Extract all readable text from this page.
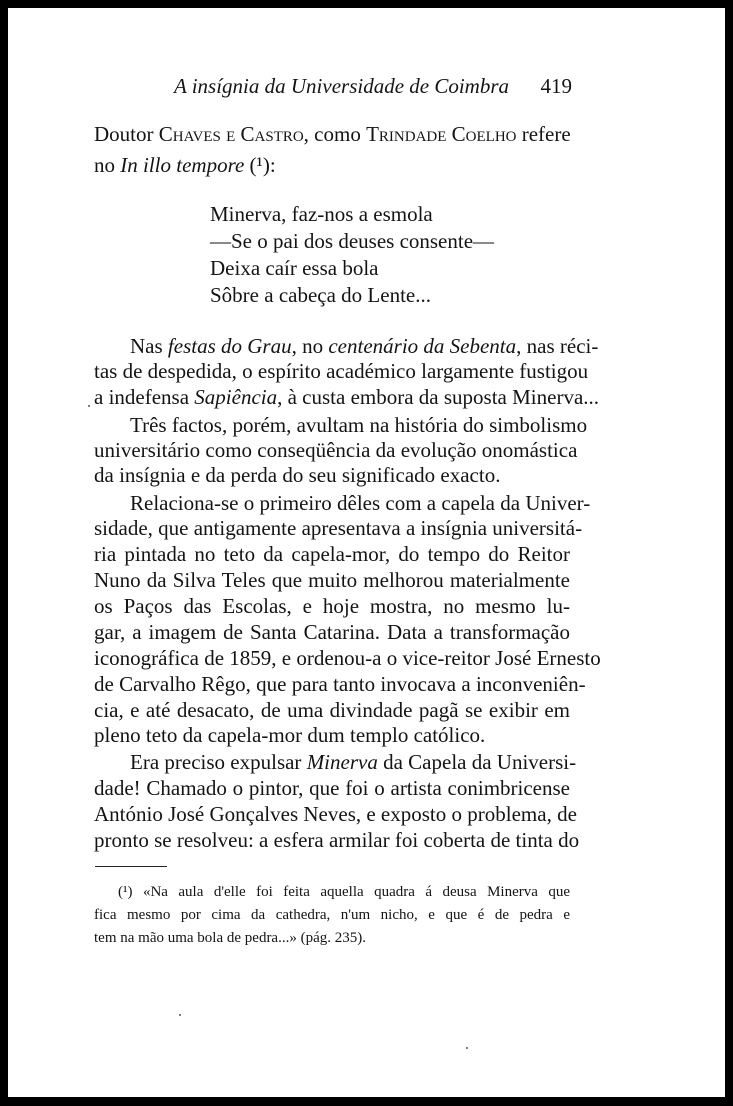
A insígnia da Universidade de Coimbra 419
Doutor Chaves e Castro, como Trindade Coelho refere
no In illo tempore (¹):
Minerva, faz-nos a esmola
—Se o pai dos deuses consente—
Deixa caír essa bola
Sôbre a cabeça do Lente...
Nas festas do Grau, no centenário da Sebenta, nas réci-
tas de despedida, o espírito académico largamente fustigou
a indefensa Sapiência, à custa embora da suposta Minerva...
Três factos, porém, avultam na história do simbolismo
universitário como conseqüência da evolução onomástica
da insígnia e da perda do seu significado exacto.
Relaciona-se o primeiro dêles com a capela da Univer-
sidade, que antigamente apresentava a insígnia universitá-
ria pintada no teto da capela-mor, do tempo do Reitor
Nuno da Silva Teles que muito melhorou materialmente
os Paços das Escolas, e hoje mostra, no mesmo lu-
gar, a imagem de Santa Catarina. Data a transformação
iconográfica de 1859, e ordenou-a o vice-reitor José Ernesto
de Carvalho Rêgo, que para tanto invocava a inconveniên-
cia, e até desacato, de uma divindade pagã se exibir em
pleno teto da capela-mor dum templo católico.
Era preciso expulsar Minerva da Capela da Universi-
dade! Chamado o pintor, que foi o artista conimbricense
António José Gonçalves Neves, e exposto o problema, de
pronto se resolveu: a esfera armilar foi coberta de tinta do
(¹) «Na aula d'elle foi feita aquella quadra á deusa Minerva que
fica mesmo por cima da cathedra, n'um nicho, e que é de pedra e
tem na mão uma bola de pedra...» (pág. 235).
